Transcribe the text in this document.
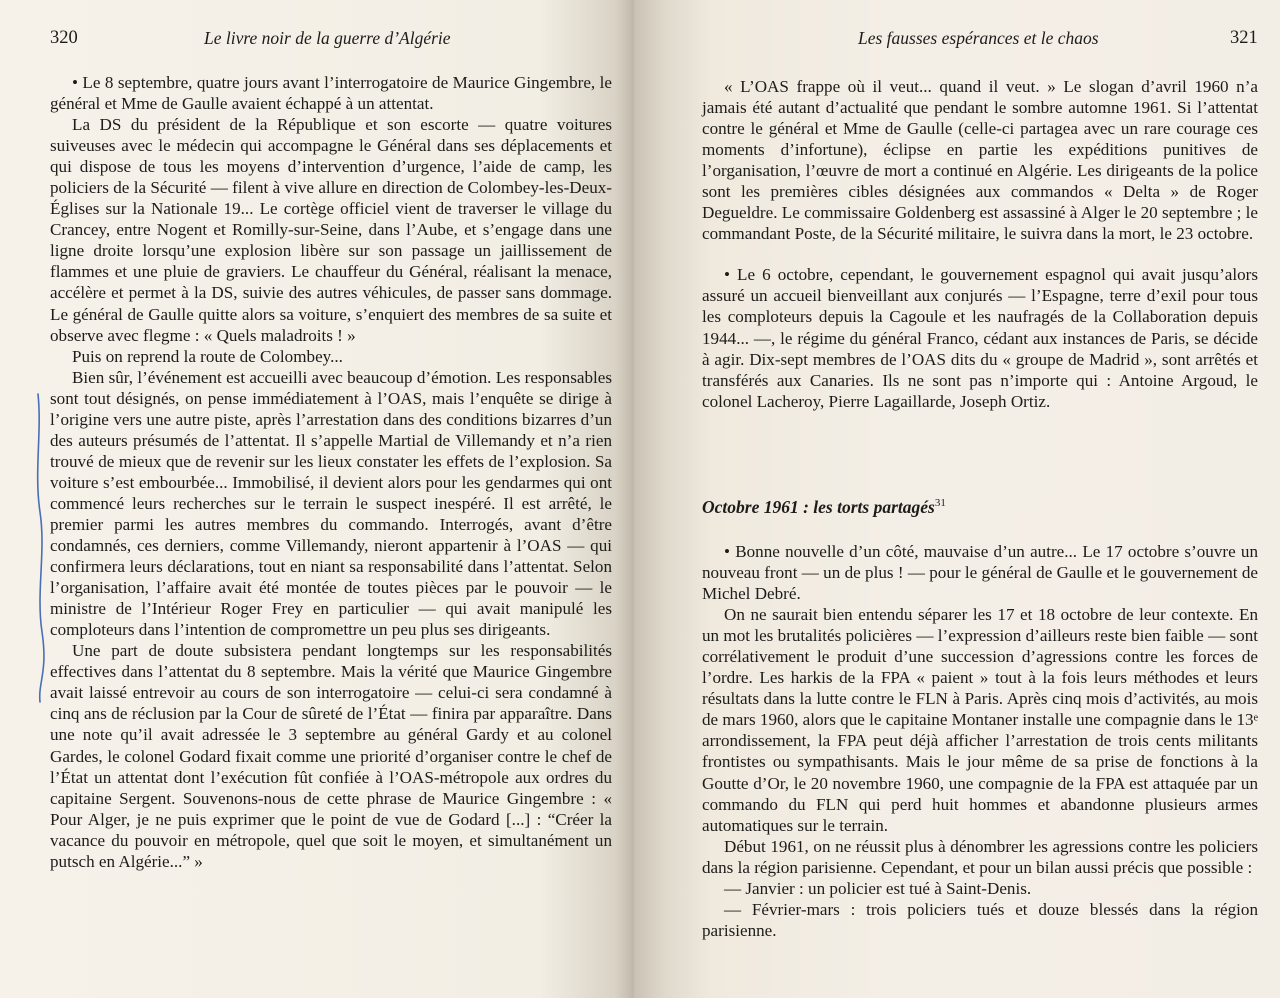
320	Le livre noir de la guerre d’Algérie

• Le 8 septembre, quatre jours avant l’interrogatoire de Maurice Gingembre, le général et Mme de Gaulle avaient échappé à un attentat.

La DS du président de la République et son escorte — quatre voitures suiveuses avec le médecin qui accompagne le Général dans ses déplacements et qui dispose de tous les moyens d’intervention d’urgence, l’aide de camp, les policiers de la Sécurité — filent à vive allure en direction de Colombey-les-Deux-Églises sur la Nationale 19... Le cortège officiel vient de traverser le village du Crancey, entre Nogent et Romilly-sur-Seine, dans l’Aube, et s’engage dans une ligne droite lorsqu’une explosion libère sur son passage un jaillissement de flammes et une pluie de graviers. Le chauffeur du Général, réalisant la menace, accélère et permet à la DS, suivie des autres véhicules, de passer sans dommage. Le général de Gaulle quitte alors sa voiture, s’enquiert des membres de sa suite et observe avec flegme : « Quels maladroits ! »

Puis on reprend la route de Colombey...

Bien sûr, l’événement est accueilli avec beaucoup d’émotion. Les responsables sont tout désignés, on pense immédiatement à l’OAS, mais l’enquête se dirige à l’origine vers une autre piste, après l’arrestation dans des conditions bizarres d’un des auteurs présumés de l’attentat. Il s’appelle Martial de Villemandy et n’a rien trouvé de mieux que de revenir sur les lieux constater les effets de l’explosion. Sa voiture s’est embourbée... Immobilisé, il devient alors pour les gendarmes qui ont commencé leurs recherches sur le terrain le suspect inespéré. Il est arrêté, le premier parmi les autres membres du commando. Interrogés, avant d’être condamnés, ces derniers, comme Villemandy, nieront appartenir à l’OAS — qui confirmera leurs déclarations, tout en niant sa responsabilité dans l’attentat. Selon l’organisation, l’affaire avait été montée de toutes pièces par le pouvoir — le ministre de l’Intérieur Roger Frey en particulier — qui avait manipulé les comploteurs dans l’intention de compromettre un peu plus ses dirigeants.

Une part de doute subsistera pendant longtemps sur les responsabilités effectives dans l’attentat du 8 septembre. Mais la vérité que Maurice Gingembre avait laissé entrevoir au cours de son interrogatoire — celui-ci sera condamné à cinq ans de réclusion par la Cour de sûreté de l’État — finira par apparaître. Dans une note qu’il avait adressée le 3 septembre au général Gardy et au colonel Gardes, le colonel Godard fixait comme une priorité d’organiser contre le chef de l’État un attentat dont l’exécution fût confiée à l’OAS-métropole aux ordres du capitaine Sergent. Souvenons-nous de cette phrase de Maurice Gingembre : « Pour Alger, je ne puis exprimer que le point de vue de Godard [...] : “Créer la vacance du pouvoir en métropole, quel que soit le moyen, et simultanément un putsch en Algérie...” »

Les fausses espérances et le chaos	321

« L’OAS frappe où il veut... quand il veut. » Le slogan d’avril 1960 n’a jamais été autant d’actualité que pendant le sombre automne 1961. Si l’attentat contre le général et Mme de Gaulle (celle-ci partagea avec un rare courage ces moments d’infortune), éclipse en partie les expéditions punitives de l’organisation, l’œuvre de mort a continué en Algérie. Les dirigeants de la police sont les premières cibles désignées aux commandos « Delta » de Roger Degueldre. Le commissaire Goldenberg est assassiné à Alger le 20 septembre ; le commandant Poste, de la Sécurité militaire, le suivra dans la mort, le 23 octobre.

• Le 6 octobre, cependant, le gouvernement espagnol qui avait jusqu’alors assuré un accueil bienveillant aux conjurés — l’Espagne, terre d’exil pour tous les comploteurs depuis la Cagoule et les naufragés de la Collaboration depuis 1944... —, le régime du général Franco, cédant aux instances de Paris, se décide à agir. Dix-sept membres de l’OAS dits du « groupe de Madrid », sont arrêtés et transférés aux Canaries. Ils ne sont pas n’importe qui : Antoine Argoud, le colonel Lacheroy, Pierre Lagaillarde, Joseph Ortiz.

Octobre 1961 : les torts partagés$^{31}$

• Bonne nouvelle d’un côté, mauvaise d’un autre... Le 17 octobre s’ouvre un nouveau front — un de plus ! — pour le général de Gaulle et le gouvernement de Michel Debré.

On ne saurait bien entendu séparer les 17 et 18 octobre de leur contexte. En un mot les brutalités policières — l’expression d’ailleurs reste bien faible — sont corrélativement le produit d’une succession d’agressions contre les forces de l’ordre. Les harkis de la FPA « paient » tout à la fois leurs méthodes et leurs résultats dans la lutte contre le FLN à Paris. Après cinq mois d’activités, au mois de mars 1960, alors que le capitaine Montaner installe une compagnie dans le 13ᵉ arrondissement, la FPA peut déjà afficher l’arrestation de trois cents militants frontistes ou sympathisants. Mais le jour même de sa prise de fonctions à la Goutte d’Or, le 20 novembre 1960, une compagnie de la FPA est attaquée par un commando du FLN qui perd huit hommes et abandonne plusieurs armes automatiques sur le terrain.

Début 1961, on ne réussit plus à dénombrer les agressions contre les policiers dans la région parisienne. Cependant, et pour un bilan aussi précis que possible :

— Janvier : un policier est tué à Saint-Denis.

— Février-mars : trois policiers tués et douze blessés dans la région parisienne.
